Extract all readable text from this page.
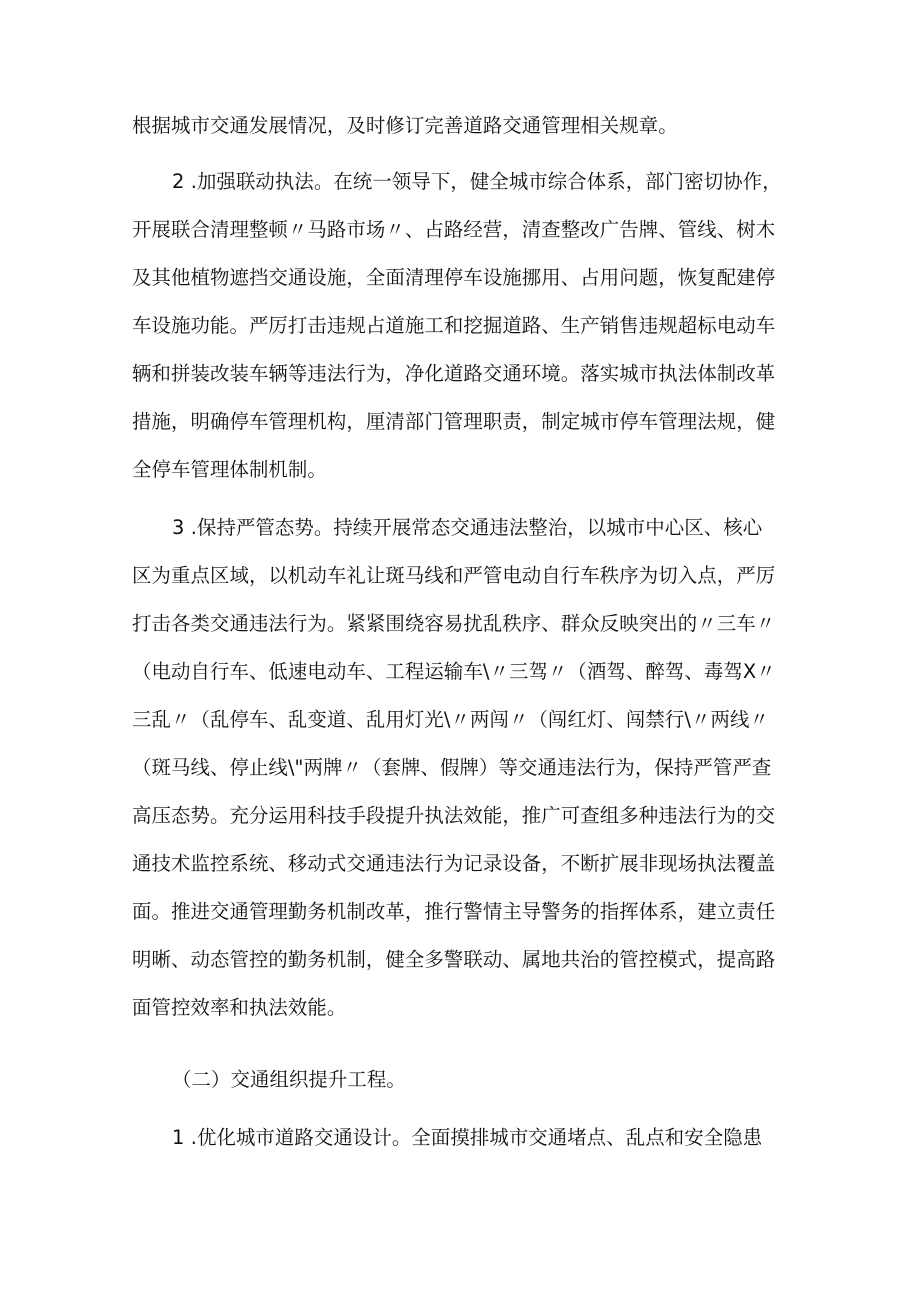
根据城市交通发展情况，及时修订完善道路交通管理相关规章。
2 .加强联动执法。在统一领导下，健全城市综合体系，部门密切协作，
开展联合清理整顿〃马路市场〃、占路经营，清查整改广告牌、管线、树木
及其他植物遮挡交通设施，全面清理停车设施挪用、占用问题，恢复配建停
车设施功能。严厉打击违规占道施工和挖掘道路、生产销售违规超标电动车
辆和拼装改装车辆等违法行为，净化道路交通环境。落实城市执法体制改革
措施，明确停车管理机构，厘清部门管理职责，制定城市停车管理法规，健
全停车管理体制机制。
3 .保持严管态势。持续开展常态交通违法整治，以城市中心区、核心
区为重点区域，以机动车礼让斑马线和严管电动自行车秩序为切入点，严厉
打击各类交通违法行为。紧紧围绕容易扰乱秩序、群众反映突出的〃三车〃
（电动自行车、低速电动车、工程运输车\〃三驾〃（酒驾、醉驾、毒驾X〃
三乱〃（乱停车、乱变道、乱用灯光\〃两闯〃（闯红灯、闯禁行\〃两线〃
（斑马线、停止线\"两牌〃（套牌、假牌）等交通违法行为，保持严管严查
高压态势。充分运用科技手段提升执法效能，推广可查组多种违法行为的交
通技术监控系统、移动式交通违法行为记录设备，不断扩展非现场执法覆盖
面。推进交通管理勤务机制改革，推行警情主导警务的指挥体系，建立责任
明晰、动态管控的勤务机制，健全多警联动、属地共治的管控模式，提高路
面管控效率和执法效能。
（二）交通组织提升工程。
1 .优化城市道路交通设计。全面摸排城市交通堵点、乱点和安全隐患
